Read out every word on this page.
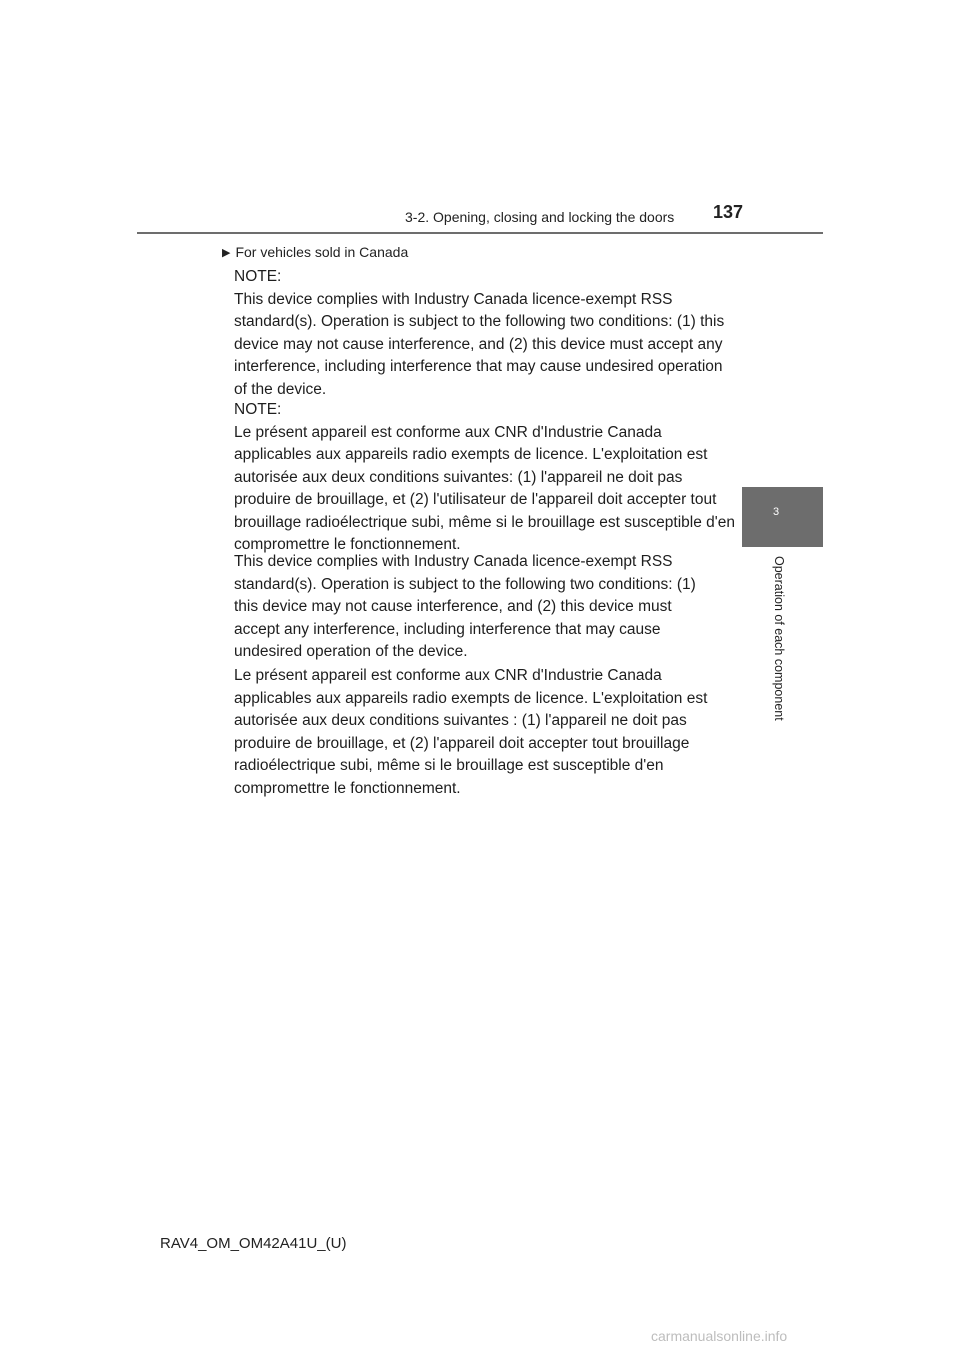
3-2. Opening, closing and locking the doors 137
3
Operation of each component
▶ For vehicles sold in Canada
NOTE:
This device complies with Industry Canada licence-exempt RSS
standard(s). Operation is subject to the following two conditions: (1) this
device may not cause interference, and (2) this device must accept any
interference, including interference that may cause undesired operation
of the device.
NOTE:
Le présent appareil est conforme aux CNR d'Industrie Canada
applicables aux appareils radio exempts de licence. L'exploitation est
autorisée aux deux conditions suivantes: (1) l'appareil ne doit pas
produire de brouillage, et (2) l'utilisateur de l'appareil doit accepter tout
brouillage radioélectrique subi, même si le brouillage est susceptible d'en
compromettre le fonctionnement.
This device complies with Industry Canada licence-exempt RSS
standard(s). Operation is subject to the following two conditions: (1)
this device may not cause interference, and (2) this device must
accept any interference, including interference that may cause
undesired operation of the device.
Le présent appareil est conforme aux CNR d'Industrie Canada
applicables aux appareils radio exempts de licence. L'exploitation est
autorisée aux deux conditions suivantes : (1) l'appareil ne doit pas
produire de brouillage, et (2) l'appareil doit accepter tout brouillage
radioélectrique subi, même si le brouillage est susceptible d'en
compromettre le fonctionnement.
RAV4_OM_OM42A41U_(U)
carmanualsonline.info
